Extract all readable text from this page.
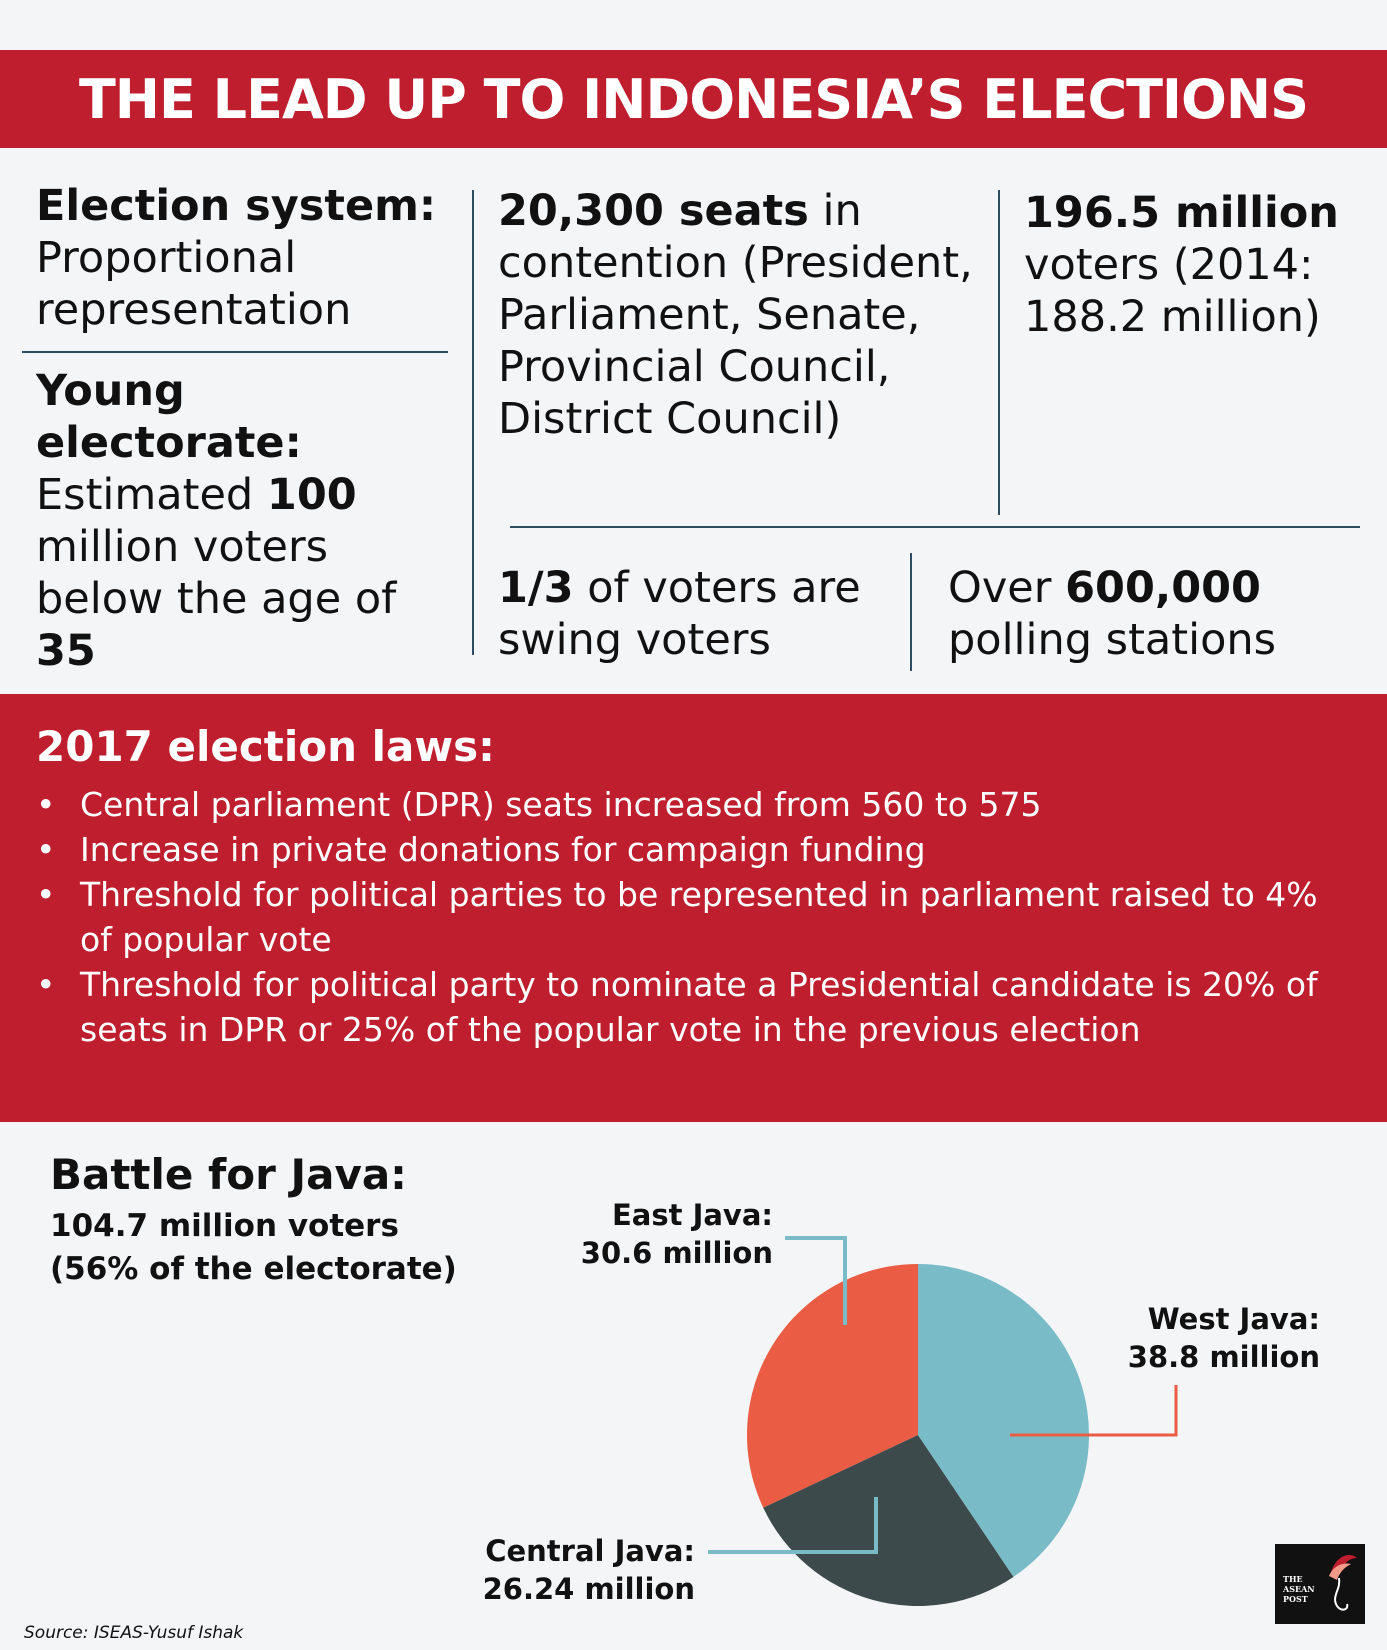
THE LEAD UP TO INDONESIA’S ELECTIONS
Election system: Proportional representation
Young electorate: Estimated 100 million voters below the age of 35
20,300 seats in contention (President, Parliament, Senate, Provincial Council, District Council)
196.5 million voters (2014: 188.2 million)
1/3 of voters are swing voters
Over 600,000 polling stations
2017 election laws:
• Central parliament (DPR) seats increased from 560 to 575
• Increase in private donations for campaign funding
• Threshold for political parties to be represented in parliament raised to 4% of popular vote
• Threshold for political party to nominate a Presidential candidate is 20% of seats in DPR or 25% of the popular vote in the previous election
Battle for Java:
104.7 million voters
(56% of the electorate)
East Java:
30.6 million
West Java:
38.8 million
Central Java:
26.24 million
Source: ISEAS-Yusuf Ishak
THE
ASEAN
POST
